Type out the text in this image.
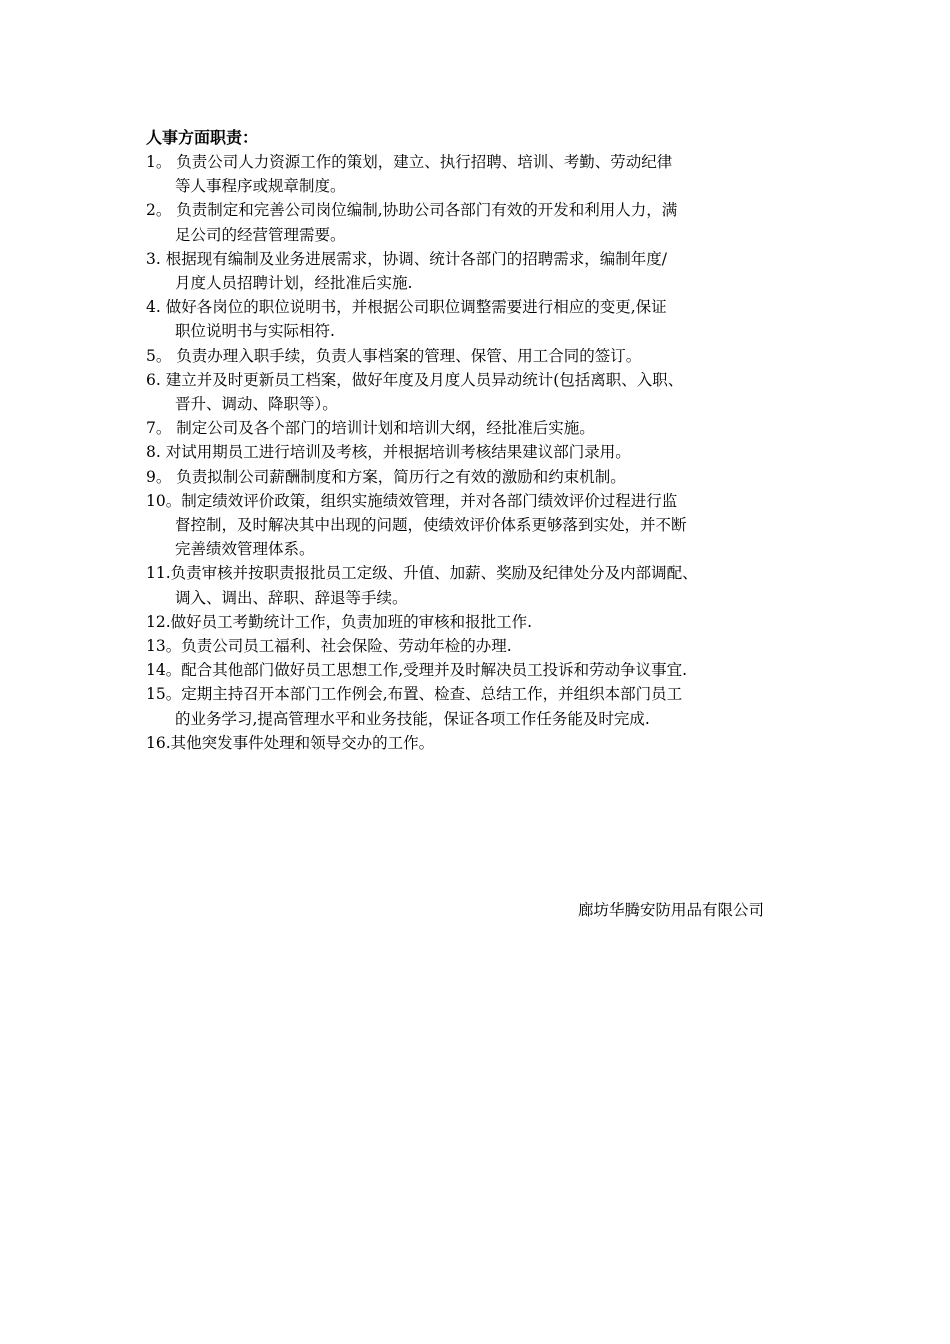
人事方面职责：
1。 负责公司人力资源工作的策划，建立、执行招聘、培训、考勤、劳动纪律
等人事程序或规章制度。
2。 负责制定和完善公司岗位编制,协助公司各部门有效的开发和利用人力，满
足公司的经营管理需要。
3. 根据现有编制及业务进展需求，协调、统计各部门的招聘需求，编制年度/
月度人员招聘计划，经批准后实施.
4. 做好各岗位的职位说明书，并根据公司职位调整需要进行相应的变更,保证
职位说明书与实际相符.
5。 负责办理入职手续，负责人事档案的管理、保管、用工合同的签订。
6. 建立并及时更新员工档案，做好年度及月度人员异动统计(包括离职、入职、
晋升、调动、降职等）。
7。 制定公司及各个部门的培训计划和培训大纲，经批准后实施。
8. 对试用期员工进行培训及考核，并根据培训考核结果建议部门录用。
9。 负责拟制公司薪酬制度和方案，简历行之有效的激励和约束机制。
10。制定绩效评价政策，组织实施绩效管理，并对各部门绩效评价过程进行监
督控制，及时解决其中出现的问题，使绩效评价体系更够落到实处，并不断
完善绩效管理体系。
11.负责审核并按职责报批员工定级、升值、加薪、奖励及纪律处分及内部调配、
调入、调出、辞职、辞退等手续。
12.做好员工考勤统计工作，负责加班的审核和报批工作.
13。负责公司员工福利、社会保险、劳动年检的办理.
14。配合其他部门做好员工思想工作,受理并及时解决员工投诉和劳动争议事宜.
15。定期主持召开本部门工作例会,布置、检查、总结工作，并组织本部门员工
的业务学习,提高管理水平和业务技能，保证各项工作任务能及时完成.
16.其他突发事件处理和领导交办的工作。
廊坊华腾安防用品有限公司
